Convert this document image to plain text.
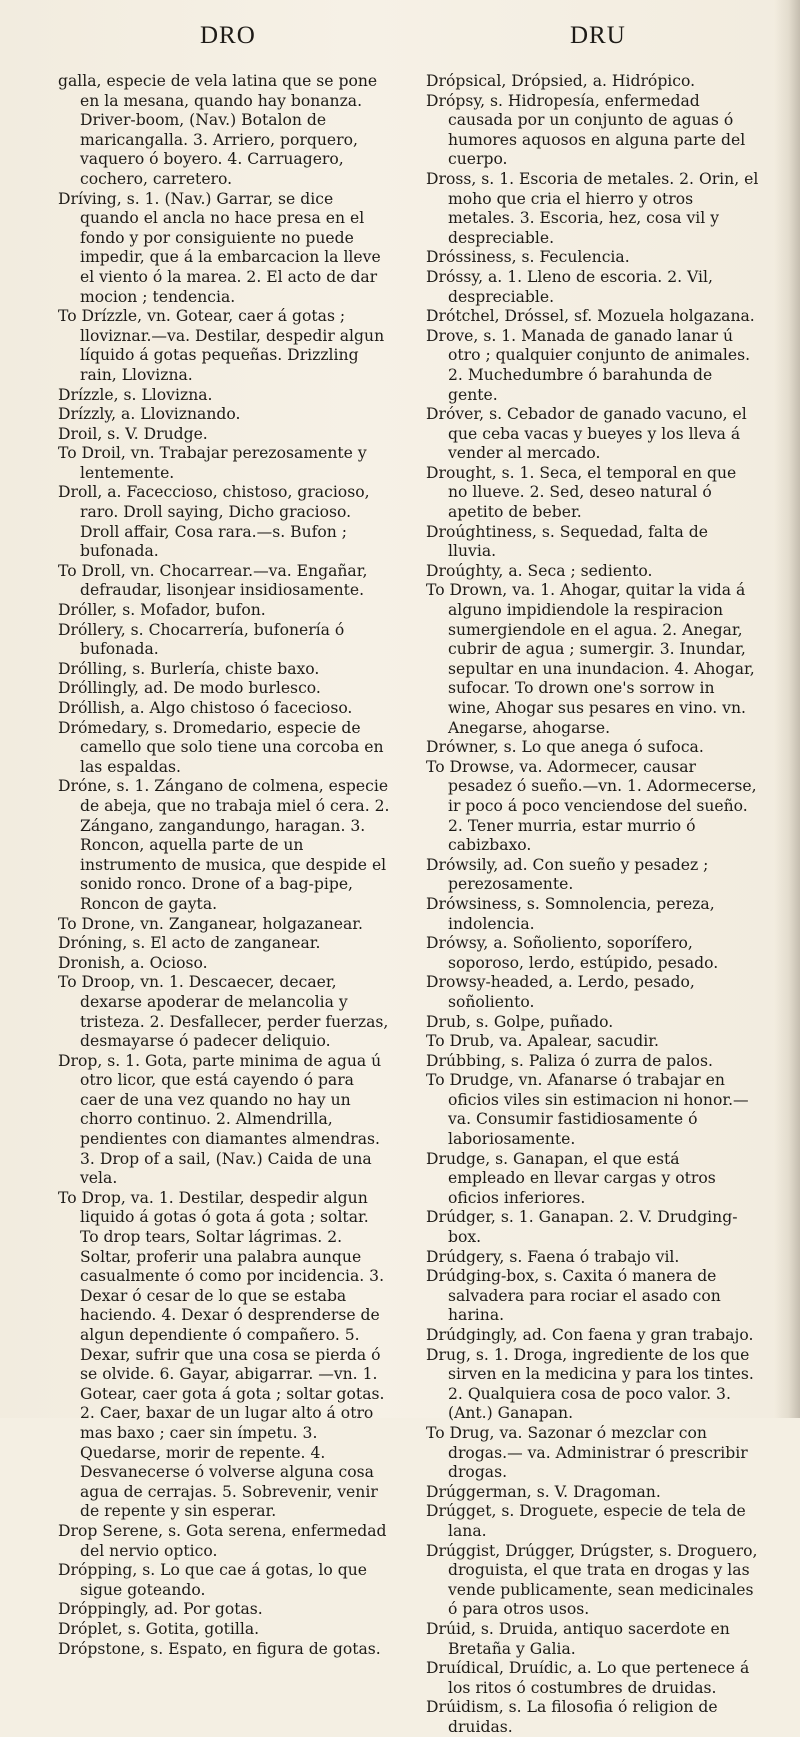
DRO	DRU

galla, especie de vela latina que se pone en la mesana, quando hay bonanza. Driver-boom, (Nav.) Botalon de maricangalla. 3. Arriero, porquero, vaquero ó boyero. 4. Carruagero, cochero, carretero.

Dríving, s. 1. (Nav.) Garrar, se dice quando el ancla no hace presa en el fondo y por consiguiente no puede impedir, que á la embarcacion la lleve el viento ó la marea. 2. El acto de dar mocion ; tendencia.

To Drízzle, vn. Gotear, caer á gotas ; lloviznar.—va. Destilar, despedir algun líquido á gotas pequeñas. Drizzling rain, Llovizna.

Drízzle, s. Llovizna.

Drízzly, a. Lloviznando.

Droil, s. V. Drudge.

To Droil, vn. Trabajar perezosamente y lentemente.

Droll, a. Faceccioso, chistoso, gracioso, raro. Droll saying, Dicho gracioso. Droll affair, Cosa rara.—s. Bufon ; bufonada.

To Droll, vn. Chocarrear.—va. Engañar, defraudar, lisonjear insidiosamente.

Dróller, s. Mofador, bufon.

Dróllery, s. Chocarrería, bufonería ó bufonada.

Drólling, s. Burlería, chiste baxo.

Dróllingly, ad. De modo burlesco.

Dróllish, a. Algo chistoso ó facecioso.

Drómedary, s. Dromedario, especie de camello que solo tiene una corcoba en las espaldas.

Dróne, s. 1. Zángano de colmena, especie de abeja, que no trabaja miel ó cera. 2. Zángano, zangandungo, haragan. 3. Roncon, aquella parte de un instrumento de musica, que despide el sonido ronco. Drone of a bag-pipe, Roncon de gayta.

To Drone, vn. Zanganear, holgazanear.

Dróning, s. El acto de zanganear.

Dronish, a. Ocioso.

To Droop, vn. 1. Descaecer, decaer, dexarse apoderar de melancolia y tristeza. 2. Desfallecer, perder fuerzas, desmayarse ó padecer deliquio.

Drop, s. 1. Gota, parte minima de agua ú otro licor, que está cayendo ó para caer de una vez quando no hay un chorro continuo. 2. Almendrilla, pendientes con diamantes almendras. 3. Drop of a sail, (Nav.) Caida de una vela.

To Drop, va. 1. Destilar, despedir algun liquido á gotas ó gota á gota ; soltar. To drop tears, Soltar lágrimas. 2. Soltar, proferir una palabra aunque casualmente ó como por incidencia. 3. Dexar ó cesar de lo que se estaba haciendo. 4. Dexar ó desprenderse de algun dependiente ó compañero. 5. Dexar, sufrir que una cosa se pierda ó se olvide. 6. Gayar, abigarrar. —vn. 1. Gotear, caer gota á gota ; soltar gotas. 2. Caer, baxar de un lugar alto á otro mas baxo ; caer sin ímpetu. 3. Quedarse, morir de repente. 4. Desvanecerse ó volverse alguna cosa agua de cerrajas. 5. Sobrevenir, venir de repente y sin esperar.

Drop Serene, s. Gota serena, enfermedad del nervio optico.

Drópping, s. Lo que cae á gotas, lo que sigue goteando.

Dróppingly, ad. Por gotas.

Dróplet, s. Gotita, gotilla.

Drópstone, s. Espato, en figura de gotas.

Drópsical, Drópsied, a. Hidrópico.

Drópsy, s. Hidropesía, enfermedad causada por un conjunto de aguas ó humores aquosos en alguna parte del cuerpo.

Dross, s. 1. Escoria de metales. 2. Orin, el moho que cria el hierro y otros metales. 3. Escoria, hez, cosa vil y despreciable.

Dróssiness, s. Feculencia.

Dróssy, a. 1. Lleno de escoria. 2. Vil, despreciable.

Drótchel, Dróssel, sf. Mozuela holgazana.

Drove, s. 1. Manada de ganado lanar ú otro ; qualquier conjunto de animales. 2. Muchedumbre ó barahunda de gente.

Dróver, s. Cebador de ganado vacuno, el que ceba vacas y bueyes y los lleva á vender al mercado.

Drought, s. 1. Seca, el temporal en que no llueve. 2. Sed, deseo natural ó apetito de beber.

Droúghtiness, s. Sequedad, falta de lluvia.

Droúghty, a. Seca ; sediento.

To Drown, va. 1. Ahogar, quitar la vida á alguno impidiendole la respiracion sumergiendole en el agua. 2. Anegar, cubrir de agua ; sumergir. 3. Inundar, sepultar en una inundacion. 4. Ahogar, sufocar. To drown one's sorrow in wine, Ahogar sus pesares en vino. vn. Anegarse, ahogarse.

Drówner, s. Lo que anega ó sufoca.

To Drowse, va. Adormecer, causar pesadez ó sueño.—vn. 1. Adormecerse, ir poco á poco venciendose del sueño. 2. Tener murria, estar murrio ó cabizbaxo.

Drówsily, ad. Con sueño y pesadez ; perezosamente.

Drówsiness, s. Somnolencia, pereza, indolencia.

Drówsy, a. Soñoliento, soporífero, soporoso, lerdo, estúpido, pesado.

Drowsy-headed, a. Lerdo, pesado, soñoliento.

Drub, s. Golpe, puñado.

To Drub, va. Apalear, sacudir.

Drúbbing, s. Paliza ó zurra de palos.

To Drudge, vn. Afanarse ó trabajar en oficios viles sin estimacion ni honor.—va. Consumir fastidiosamente ó laboriosamente.

Drudge, s. Ganapan, el que está empleado en llevar cargas y otros oficios inferiores.

Drúdger, s. 1. Ganapan. 2. V. Drudging-box.

Drúdgery, s. Faena ó trabajo vil.

Drúdging-box, s. Caxita ó manera de salvadera para rociar el asado con harina.

Drúdgingly, ad. Con faena y gran trabajo.

Drug, s. 1. Droga, ingrediente de los que sirven en la medicina y para los tintes. 2. Qualquiera cosa de poco valor. 3. (Ant.) Ganapan.

To Drug, va. Sazonar ó mezclar con drogas.— va. Administrar ó prescribir drogas.

Drúggerman, s. V. Dragoman.

Drúgget, s. Droguete, especie de tela de lana.

Drúggist, Drúgger, Drúgster, s. Droguero, droguista, el que trata en drogas y las vende publicamente, sean medicinales ó para otros usos.

Drúid, s. Druida, antiquo sacerdote en Bretaña y Galia.

Druídical, Druídic, a. Lo que pertenece á los ritos ó costumbres de druidas.

Drúidism, s. La filosofia ó religion de druidas.
